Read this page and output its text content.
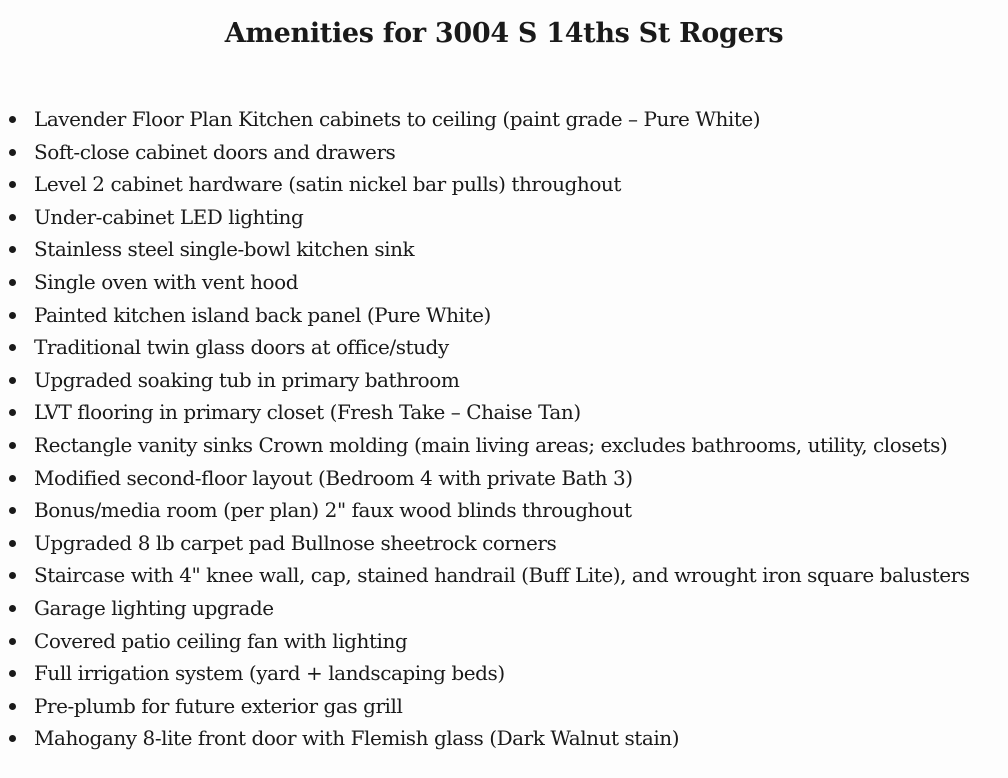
Amenities for 3004 S 14ths St Rogers
Lavender Floor Plan Kitchen cabinets to ceiling (paint grade – Pure White)
Soft-close cabinet doors and drawers
Level 2 cabinet hardware (satin nickel bar pulls) throughout
Under-cabinet LED lighting
Stainless steel single-bowl kitchen sink
Single oven with vent hood
Painted kitchen island back panel (Pure White)
Traditional twin glass doors at office/study
Upgraded soaking tub in primary bathroom
LVT flooring in primary closet (Fresh Take – Chaise Tan)
Rectangle vanity sinks Crown molding (main living areas; excludes bathrooms, utility, closets)
Modified second-floor layout (Bedroom 4 with private Bath 3)
Bonus/media room (per plan) 2" faux wood blinds throughout
Upgraded 8 lb carpet pad Bullnose sheetrock corners
Staircase with 4" knee wall, cap, stained handrail (Buff Lite), and wrought iron square balusters
Garage lighting upgrade
Covered patio ceiling fan with lighting
Full irrigation system (yard + landscaping beds)
Pre-plumb for future exterior gas grill
Mahogany 8-lite front door with Flemish glass (Dark Walnut stain)
